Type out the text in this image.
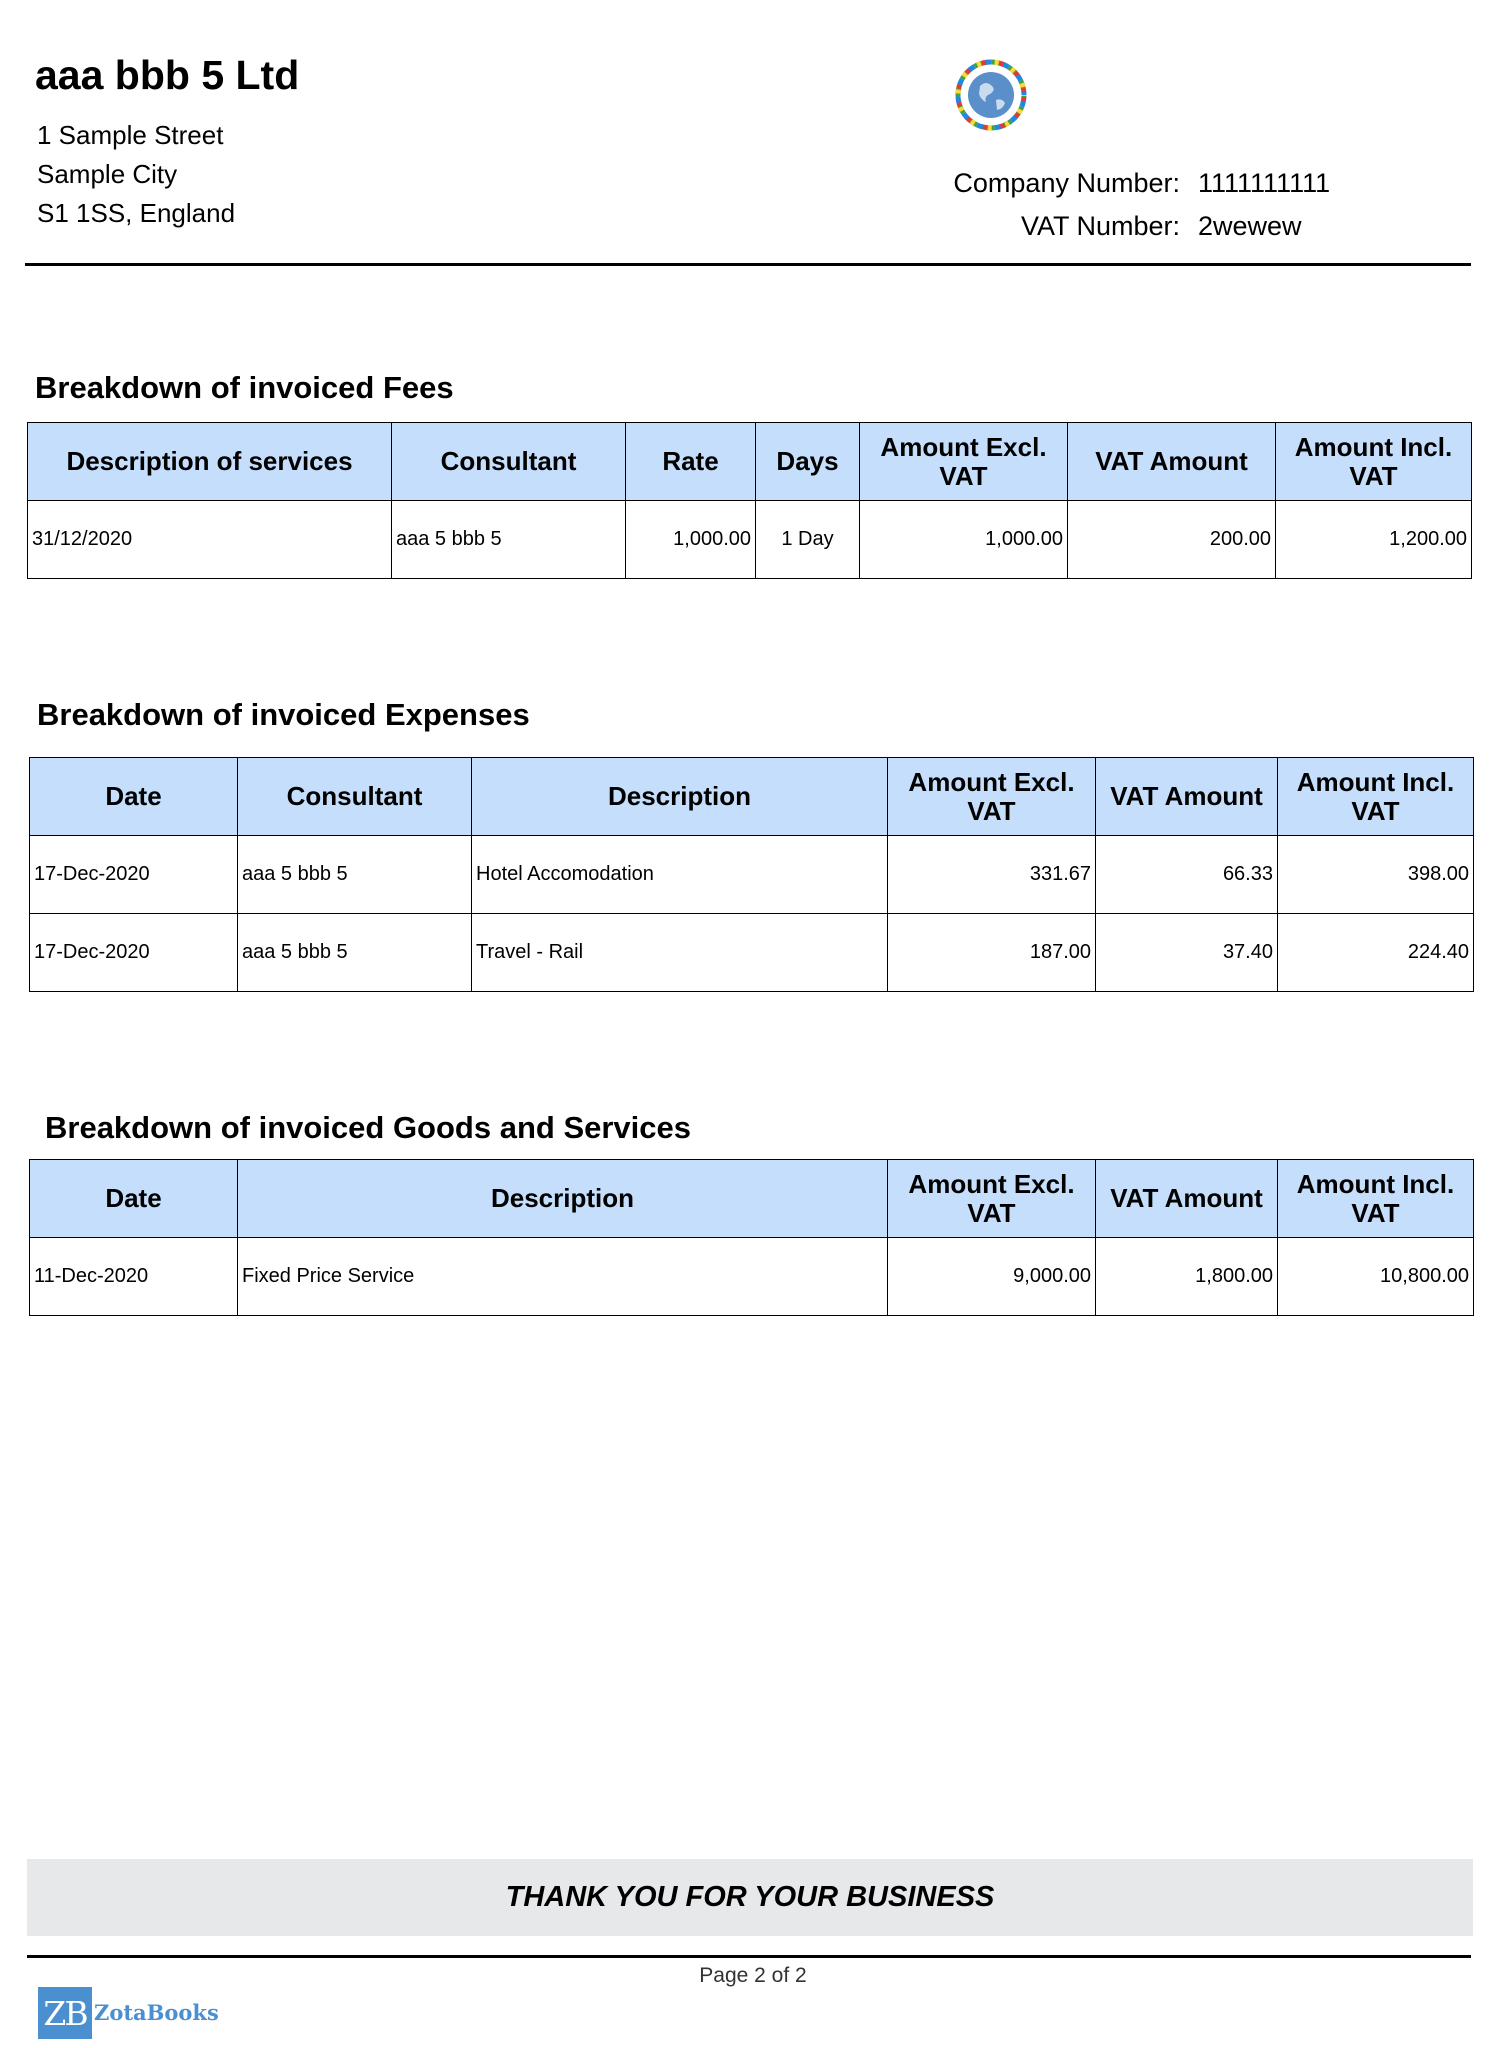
aaa bbb 5 Ltd
1 Sample Street
Sample City
S1 1SS, England
Company Number: 1111111111
VAT Number: 2wewew
Breakdown of invoiced Fees
Description of services	Consultant	Rate	Days	Amount Excl. VAT	VAT Amount	Amount Incl. VAT
31/12/2020	aaa 5 bbb 5	1,000.00	1 Day	1,000.00	200.00	1,200.00
Breakdown of invoiced Expenses
Date	Consultant	Description	Amount Excl. VAT	VAT Amount	Amount Incl. VAT
17-Dec-2020	aaa 5 bbb 5	Hotel Accomodation	331.67	66.33	398.00
17-Dec-2020	aaa 5 bbb 5	Travel - Rail	187.00	37.40	224.40
Breakdown of invoiced Goods and Services
Date	Description	Amount Excl. VAT	VAT Amount	Amount Incl. VAT
11-Dec-2020	Fixed Price Service	9,000.00	1,800.00	10,800.00
THANK YOU FOR YOUR BUSINESS
Page 2 of 2
ZB ZotaBooks
